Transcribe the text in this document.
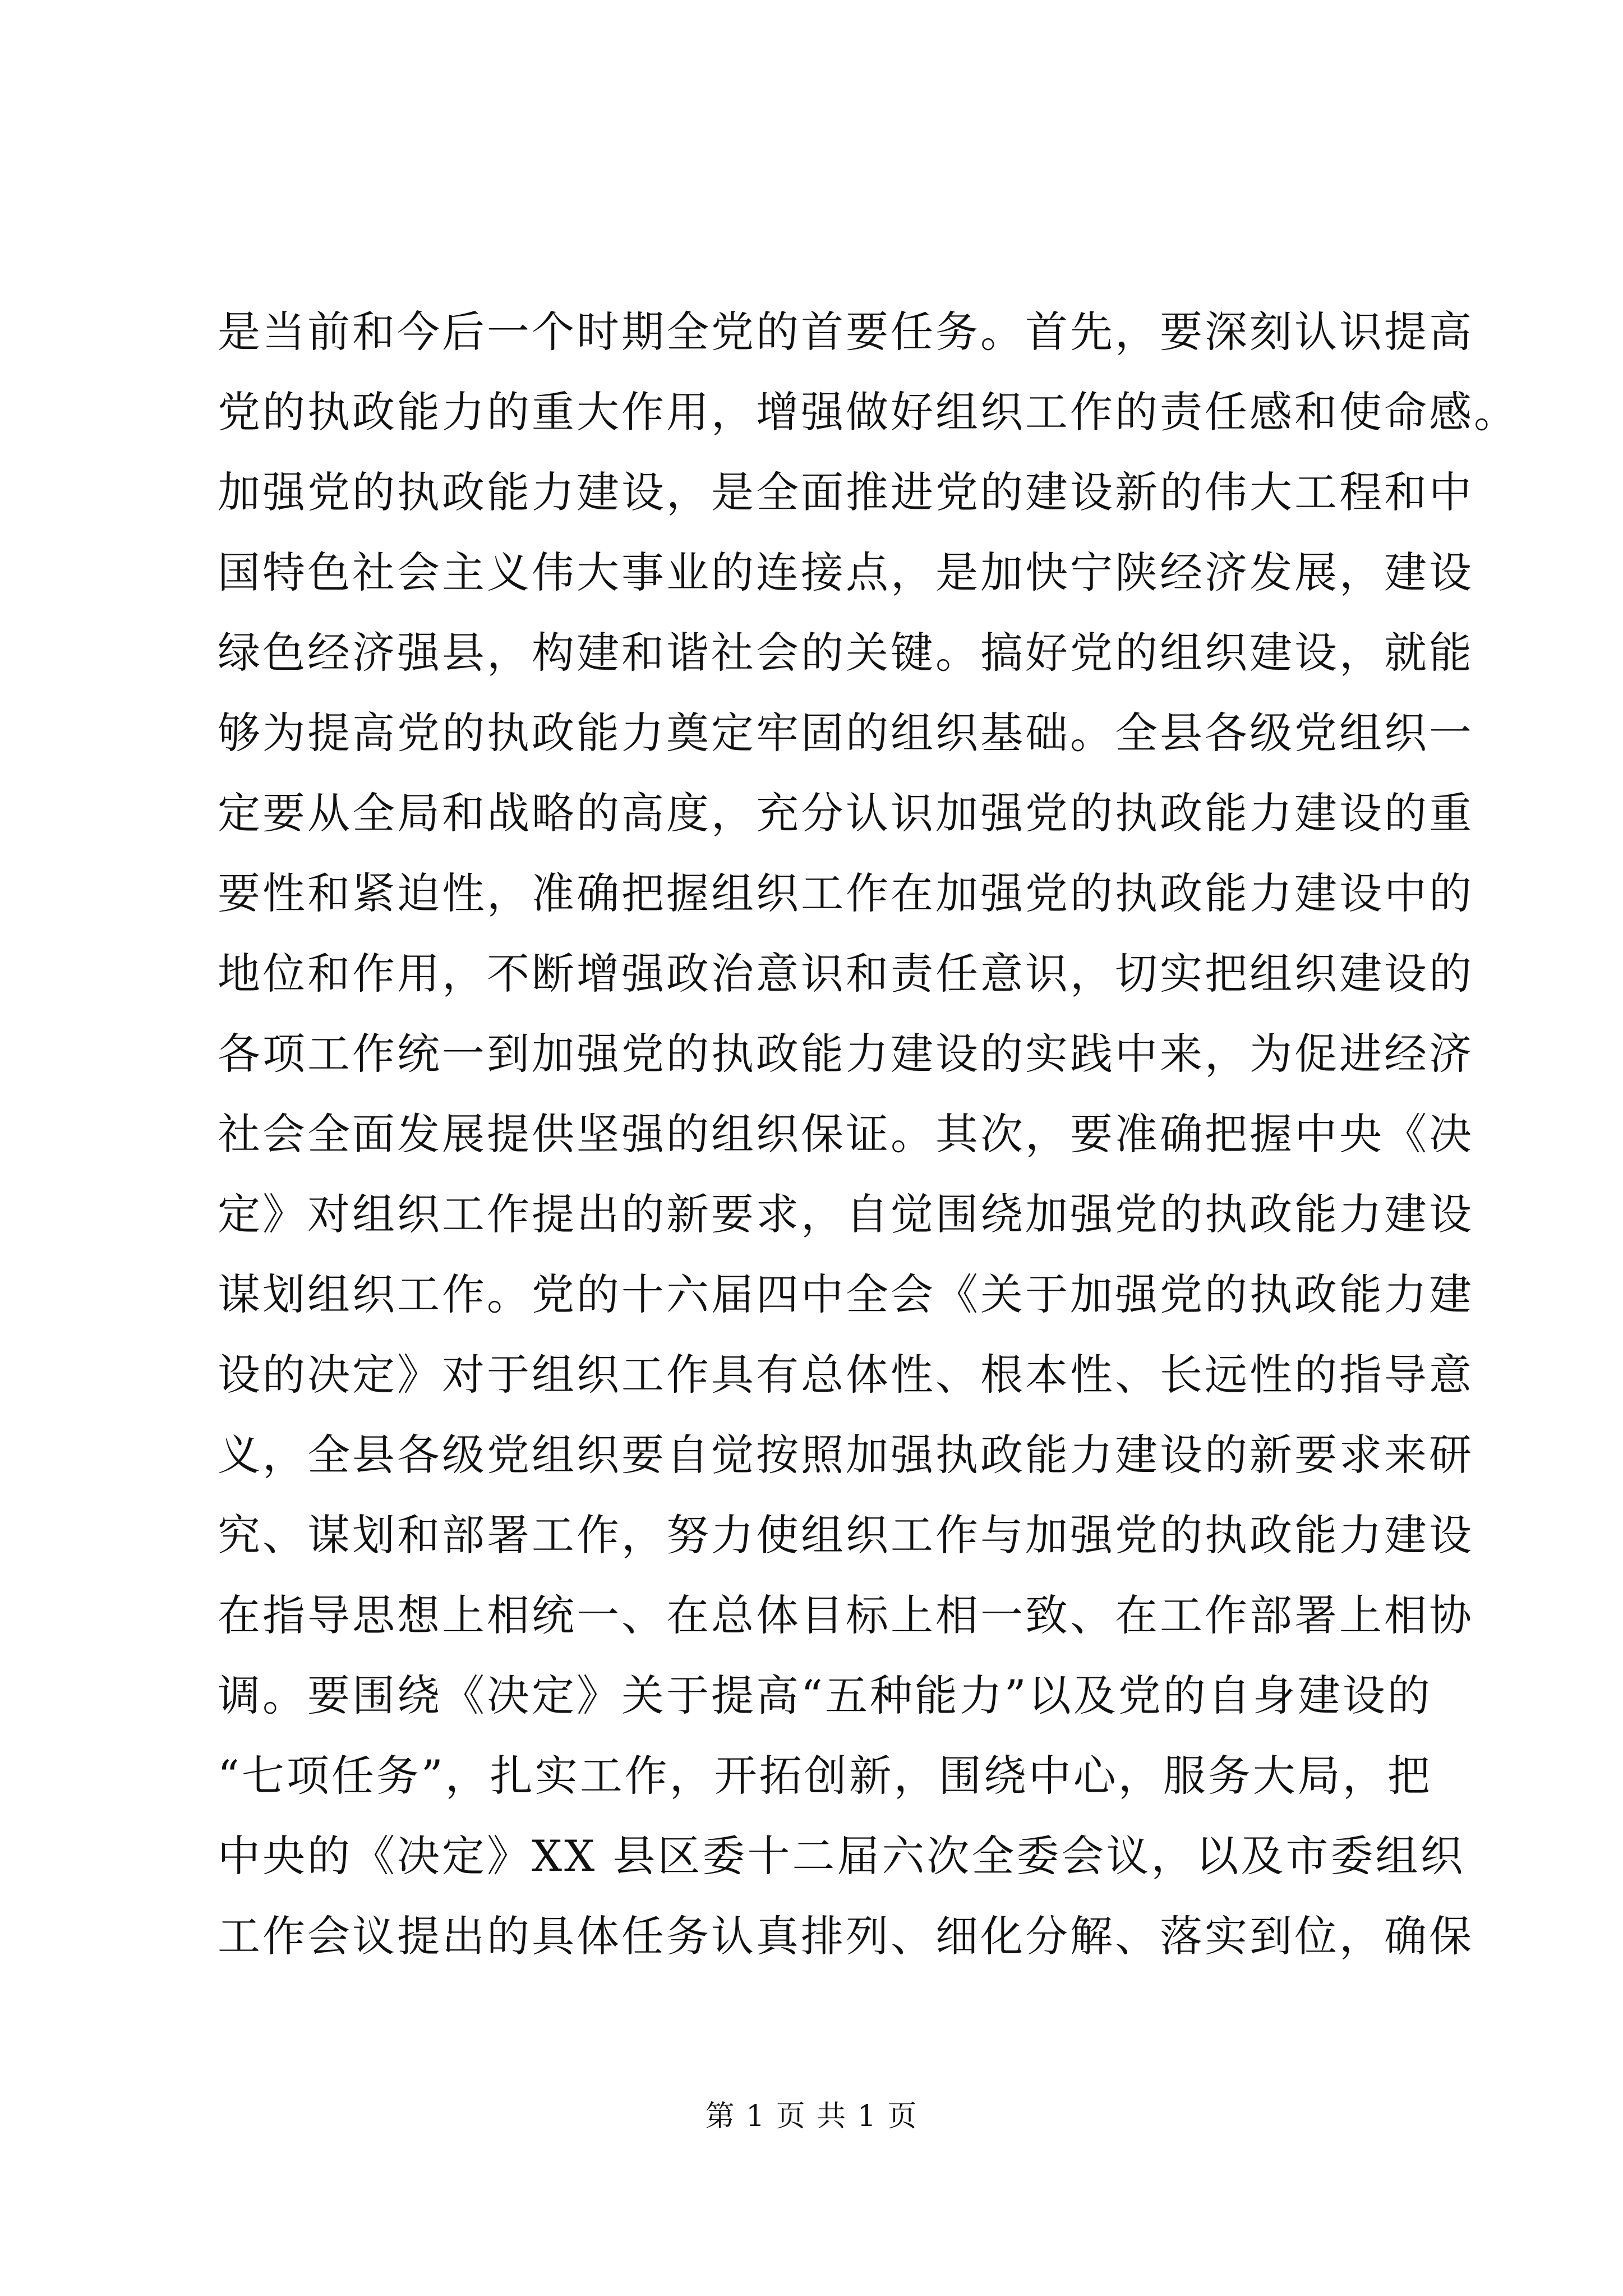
是当前和今后一个时期全党的首要任务。首先，要深刻认识提高
党的执政能力的重大作用，增强做好组织工作的责任感和使命感。
加强党的执政能力建设，是全面推进党的建设新的伟大工程和中
国特色社会主义伟大事业的连接点，是加快宁陕经济发展，建设
绿色经济强县，构建和谐社会的关键。搞好党的组织建设，就能
够为提高党的执政能力奠定牢固的组织基础。全县各级党组织一
定要从全局和战略的高度，充分认识加强党的执政能力建设的重
要性和紧迫性，准确把握组织工作在加强党的执政能力建设中的
地位和作用，不断增强政治意识和责任意识，切实把组织建设的
各项工作统一到加强党的执政能力建设的实践中来，为促进经济
社会全面发展提供坚强的组织保证。其次，要准确把握中央《决
定》对组织工作提出的新要求，自觉围绕加强党的执政能力建设
谋划组织工作。党的十六届四中全会《关于加强党的执政能力建
设的决定》对于组织工作具有总体性、根本性、长远性的指导意
义，全县各级党组织要自觉按照加强执政能力建设的新要求来研
究、谋划和部署工作，努力使组织工作与加强党的执政能力建设
在指导思想上相统一、在总体目标上相一致、在工作部署上相协
调。要围绕《决定》关于提高“五种能力”以及党的自身建设的
“七项任务”，扎实工作，开拓创新，围绕中心，服务大局，把
中央的《决定》XX 县区委十二届六次全委会议，以及市委组织
工作会议提出的具体任务认真排列、细化分解、落实到位，确保
第 1 页 共 1 页
